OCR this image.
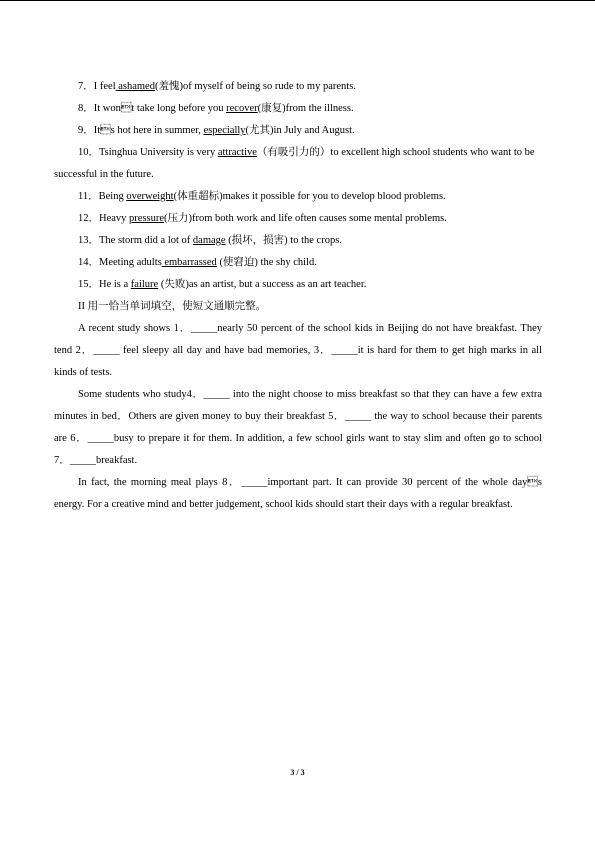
7．I feel ashamed(羞愧)of myself of being so rude to my parents.

8．It wont take long before you recover(康复)from the illness.

9．Its hot here in summer, especially(尤其)in July and August.

10．Tsinghua University is very attractive（有吸引力的）to excellent high school students who want to be successful in the future.

11．Being overweight(体重超标)makes it possible for you to develop blood problems.

12．Heavy pressure(压力)from both work and life often causes some mental problems.

13．The storm did a lot of damage (损坏，损害) to the crops.

14．Meeting adults embarrassed (使窘迫) the shy child.

15．He is a failure (失败)as an artist, but a success as an art teacher.

II 用一恰当单词填空，使短文通顺完整。

A recent study shows 1．_____nearly 50 percent of the school kids in Beijing do not have breakfast. They tend 2．_____ feel sleepy all day and have bad memories, 3．_____it is hard for them to get high marks in all kinds of tests.

Some students who study4．_____ into the night choose to miss breakfast so that they can have a few extra minutes in bed．Others are given money to buy their breakfast 5．_____ the way to school because their parents are 6．_____busy to prepare it for them. In addition, a few school girls want to stay slim and often go to school 7．_____breakfast.

In fact, the morning meal plays 8．_____important part. It can provide 30 percent of the whole days energy. For a creative mind and better judgement, school kids should start their days with a regular breakfast.

3 / 3
